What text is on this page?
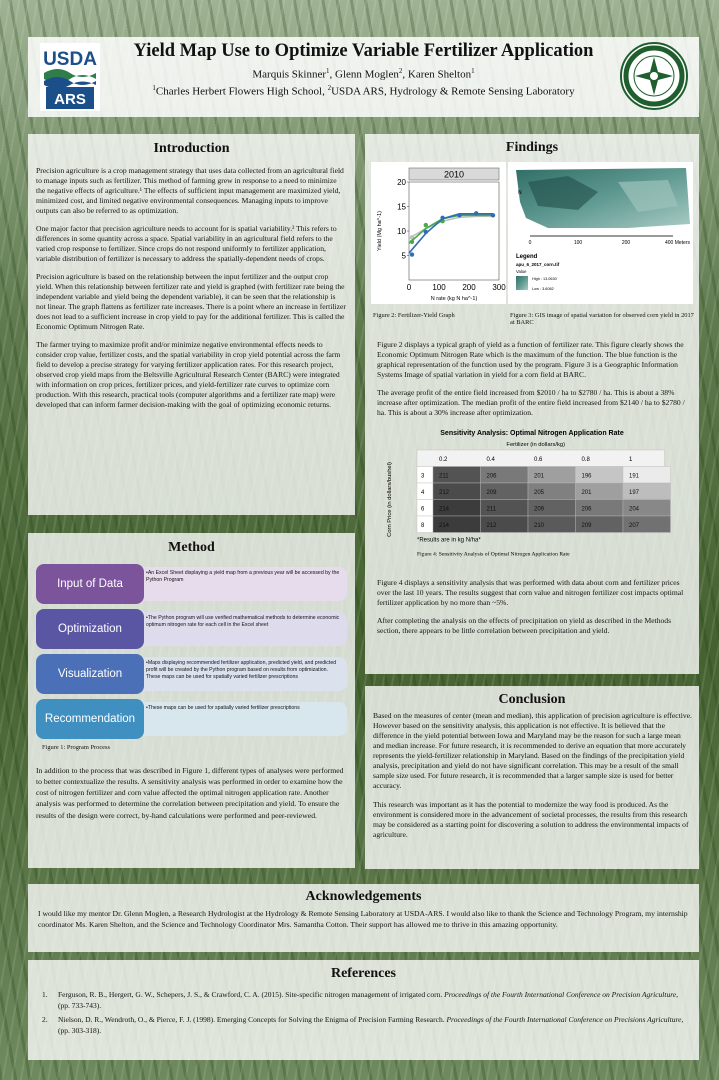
USDA
ARS
Yield Map Use to Optimize Variable Fertilizer Application
Marquis Skinner$^1$, Glenn Moglen$^2$, Karen Shelton$^1$
$^1$Charles Herbert Flowers High School, $^2$USDA ARS, Hydrology & Remote Sensing Laboratory
Introduction

Precision agriculture is a crop management strategy that uses data collected from an agricultural field to manage inputs such as fertilizer. This method of farming grew in response to a need to minimize the negative effects of agriculture.¹ The effects of sufficient input management are maximized yield, minimized cost, and limited negative environmental consequences. Managing inputs to improve outputs can also be referred to as optimization.

One major factor that precision agriculture needs to account for is spatial variability.² This refers to differences in some quantity across a space. Spatial variability in an agricultural field refers to the varied crop response to fertilizer. Since crops do not respond uniformly to fertilizer application, variable distribution of fertilizer is necessary to address the spatially-dependent needs of crops.

Precision agriculture is based on the relationship between the input fertilizer and the output crop yield. When this relationship between fertilizer rate and yield is graphed (with fertilizer rate being the independent variable and yield being the dependent variable), it can be seen that the relationship is not linear. The graph flattens as fertilizer rate increases. There is a point where an increase in fertilizer does not lead to a sufficient increase in crop yield to pay for the additional fertilizer. This is called the Economic Optimum Nitrogen Rate.

The farmer trying to maximize profit and/or minimize negative environmental effects needs to consider crop value, fertilizer costs, and the spatial variability in crop yield potential across the farm field to develop a precise strategy for varying fertilizer application rates. For this research project, observed crop yield maps from the Beltsville Agricultural Research Center (BARC) were integrated with information on crop prices, fertilizer prices, and yield-fertilizer rate curves to optimize corn production. With this research, practical tools (computer algorithms and a fertilizer rate map) were developed that can inform farmer decision-making with the goal of optimizing economic returns.

Method
•An Excel Sheet displaying a yield map from a previous year will be accessed by the Python Program
Input of Data
•The Python program will use verified mathematical methods to determine economic optimum nitrogen rate for each cell in the Excel sheet
Optimization
•Maps displaying recommended fertilizer application, predicted yield, and predicted profit will be created by the Python program based on results from optimization. These maps can be used for spatially varied fertilizer prescriptions
Visualization
•These maps can be used for spatially varied fertilizer prescriptions
Recommendation

Figure 1: Program Process

In addition to the process that was described in Figure 1, different types of analyses were performed to better contextualize the results. A sensitivity analysis was performed in order to examine how the cost of nitrogen fertilizer and corn value affected the optimal nitrogen application rate. Another analysis was performed to determine the correlation between precipitation and yield. To ensure the results of the design were correct, by-hand calculations were performed and peer-reviewed.

Findings
2010
5
10
15
20
0	100 200 300
N rate (kg N ha^-1)
Yield (Mg ha^-1)
N
0	100	200	400 Meters
Legend
apu_6_2017_corn.tif
Value
High : 13.0630
Low : 3.6082

Figure 2: Fertilizer-Yield Graph	Figure 3: GIS image of spatial variation for observed corn yield in 2017 at BARC

Figure 2 displays a typical graph of yield as a function of fertilizer rate. This figure clearly shows the Economic Optimum Nitrogen Rate which is the maximum of the function. The blue function is the graphical representation of the function used by the program. Figure 3 is a Geographic Information Systems Image of spatial variation in yield for a corn field at BARC.

The average profit of the entire field increased from $2010 / ha to $2780 / ha. This is about a 38% increase after optimization. The median profit of the entire field increased from $2140 / ha to $2780 / ha. This is about a 30% increase after optimization.

Sensitivity Analysis: Optimal Nitrogen Application Rate
Fertilizer (in dollars/kg)
0.2	0.4	0.6	0.8	1
3 211	206	201	196	191
4 212	209	205	201	197
6 214	211	209	206	204
8 214	212	210	209	207
Corn Price (in dollars/bushel)
*Results are in kg N/ha*
Figure 4: Sensitivity Analysis of Optimal Nitrogen Application Rate

Figure 4 displays a sensitivity analysis that was performed with data about corn and fertilizer prices over the last 10 years. The results suggest that corn value and nitrogen fertilizer cost impacts optimal fertilizer application by no more than ~5%.

After completing the analysis on the effects of precipitation on yield as described in the Methods section, there appears to be little correlation between precipitation and yield.

Conclusion

Based on the measures of center (mean and median), this application of precision agriculture is effective. However based on the sensitivity analysis, this application is not effective. It is believed that the difference in the yield potential between Iowa and Maryland may be the reason for such a large mean and median increase. For future research, it is recommended to derive an equation that more accurately represents the yield-fertilizer relationship in Maryland. Based on the findings of the precipitation yield analysis, precipitation and yield do not have significant correlation. This may be a result of the small sample size used. For future research, it is recommended that a larger sample size is used for better accuracy.

This research was important as it has the potential to modernize the way food is produced. As the environment is considered more in the advancement of societal processes, the results from this research may be considered as a starting point for discovering a solution to address the environmental impacts of agriculture.

Acknowledgements

I would like my mentor Dr. Glenn Moglen, a Research Hydrologist at the Hydrology & Remote Sensing Laboratory at USDA-ARS. I would also like to thank the Science and Technology Program, my internship coordinator Ms. Karen Shelton, and the Science and Technology Coordinator Mrs. Samantha Cotton. Their support has allowed me to thrive in this amazing opportunity.

References

1. Ferguson, R. B., Hergert, G. W., Schepers, J. S., & Crawford, C. A. (2015). Site-specific nitrogen management of irrigated corn. Proceedings of the Fourth International Conference on Precision Agriculture, (pp. 733-743).

2. Nielson, D. R., Wendroth, O., & Pierce, F. J. (1998). Emerging Concepts for Solving the Enigma of Precision Farming Research. Proceedings of the Fourth International Conference on Precisions Agriculture, (pp. 303-318).
